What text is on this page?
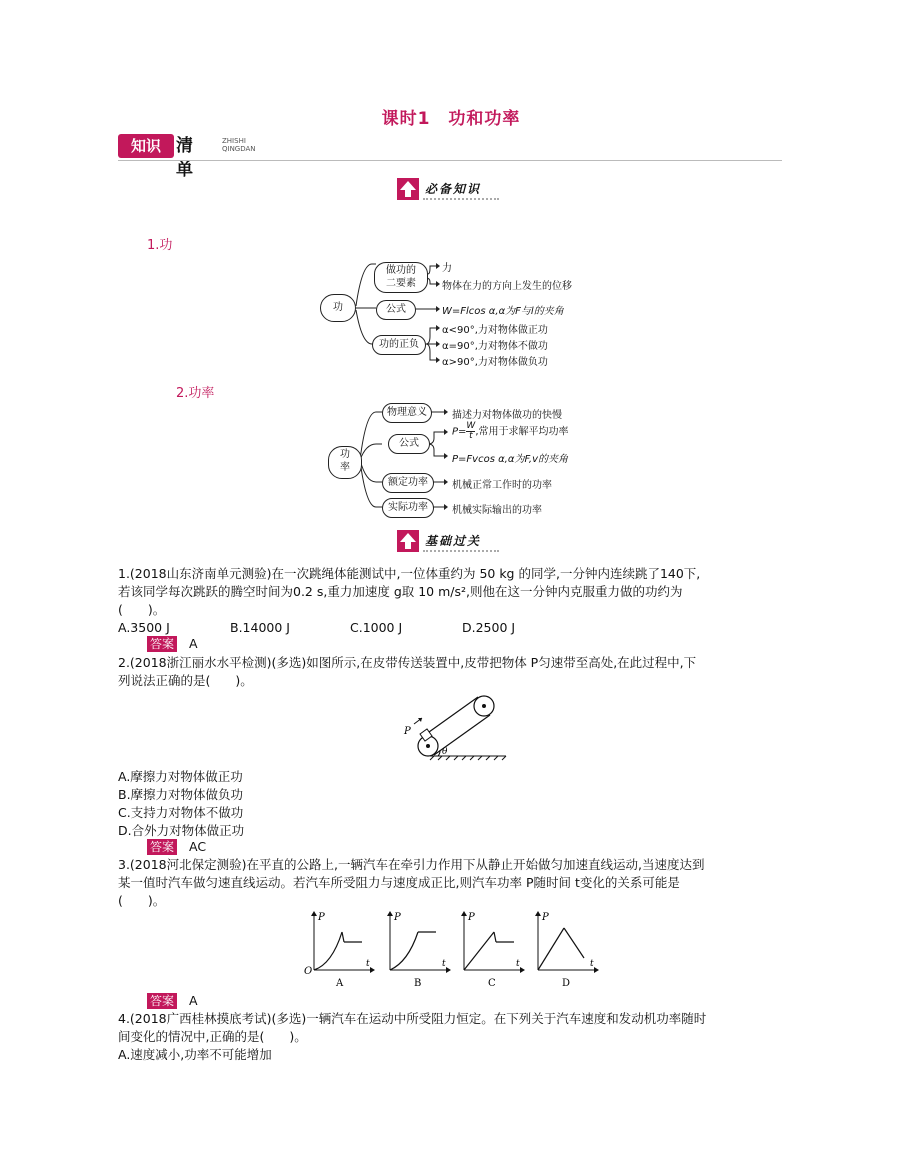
课时1　功和功率
知识 清单
ZHISHI QINGDAN
必备知识
1.功
功
做功的
二要素
力
物体在力的方向上发生的位移
公式	W=Flcos α,α为F与l的夹角
功的正负
α<90°,力对物体做正功
α=90°,力对物体不做功
α>90°,力对物体做负功
2.功率
功
率
物理意义	描述力对物体做功的快慢
公式
$P= \frac{W}{t}$ ,常用于求解平均功率
P=Fvcos α,α为F,v的夹角
额定功率	机械正常工作时的功率
实际功率	机械实际输出的功率
基础过关
1.(2018山东济南单元测验)在一次跳绳体能测试中,一位体重约为 50 kg 的同学,一分钟内连续跳了140下,
若该同学每次跳跃的腾空时间为0.2 s,重力加速度 g取 10 m/s²,则他在这一分钟内克服重力做的功约为
(　　)。
A.3500 J	B.14000 J	C.1000 J	D.2500 J
答案 A
2.(2018浙江丽水水平检测)(多选)如图所示,在皮带传送装置中,皮带把物体 P匀速带至高处,在此过程中,下
列说法正确的是(　　)。
P
θ
A.摩擦力对物体做正功
B.摩擦力对物体做负功
C.支持力对物体不做功
D.合外力对物体做正功
答案 AC
3.(2018河北保定测验)在平直的公路上,一辆汽车在牵引力作用下从静止开始做匀加速直线运动,当速度达到
某一值时汽车做匀速直线运动。若汽车所受阻力与速度成正比,则汽车功率 P随时间 t变化的关系可能是
(　　)。
P
t
O
A
P
t
B
P
t
C
P
t
D
答案 A
4.(2018广西桂林摸底考试)(多选)一辆汽车在运动中所受阻力恒定。在下列关于汽车速度和发动机功率随时
间变化的情况中,正确的是(　　)。
A.速度减小,功率不可能增加
